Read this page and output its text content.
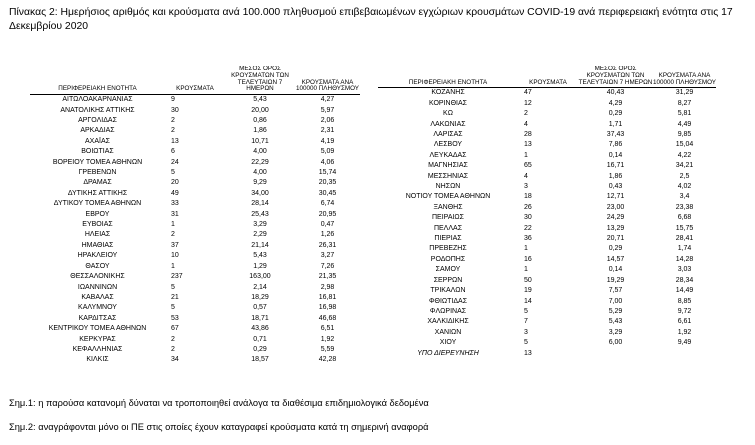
Πίνακας 2: Ημερήσιος αριθμός και κρούσματα ανά 100.000 πληθυσμού επιβεβαιωμένων εγχώριων κρουσμάτων COVID-19 ανά περιφερειακή ενότητα στις 17 Δεκεμβρίου 2020
ΠΕΡΙΦΕΡΕΙΑΚΗ ΕΝΟΤΗΤΑ	ΚΡΟΥΣΜΑΤΑ	ΜΕΣΟΣ ΟΡΟΣ ΚΡΟΥΣΜΑΤΩΝ ΤΩΝ ΤΕΛΕΥΤΑΙΩΝ 7 ΗΜΕΡΩΝ	ΚΡΟΥΣΜΑΤΑ ΑΝΑ 100000 ΠΛΗΘΥΣΜΟΥ
ΑΙΤΩΛΟΑΚΑΡΝΑΝΙΑΣ	9	5,43	4,27
ΑΝΑΤΟΛΙΚΗΣ ΑΤΤΙΚΗΣ	30	20,00	5,97
ΑΡΓΟΛΙΔΑΣ	2	0,86	2,06
ΑΡΚΑΔΙΑΣ	2	1,86	2,31
ΑΧΑΪΑΣ	13	10,71	4,19
ΒΟΙΩΤΙΑΣ	6	4,00	5,09
ΒΟΡΕΙΟΥ ΤΟΜΕΑ ΑΘΗΝΩΝ	24	22,29	4,06
ΓΡΕΒΕΝΩΝ	5	4,00	15,74
ΔΡΑΜΑΣ	20	9,29	20,35
ΔΥΤΙΚΗΣ ΑΤΤΙΚΗΣ	49	34,00	30,45
ΔΥΤΙΚΟΥ ΤΟΜΕΑ ΑΘΗΝΩΝ	33	28,14	6,74
ΕΒΡΟΥ	31	25,43	20,95
ΕΥΒΟΙΑΣ	1	3,29	0,47
ΗΛΕΙΑΣ	2	2,29	1,26
ΗΜΑΘΙΑΣ	37	21,14	26,31
ΗΡΑΚΛΕΙΟΥ	10	5,43	3,27
ΘΑΣΟΥ	1	1,29	7,26
ΘΕΣΣΑΛΟΝΙΚΗΣ	237	163,00	21,35
ΙΩΑΝΝΙΝΩΝ	5	2,14	2,98
ΚΑΒΑΛΑΣ	21	18,29	16,81
ΚΑΛΥΜΝΟΥ	5	0,57	16,98
ΚΑΡΔΙΤΣΑΣ	53	18,71	46,68
ΚΕΝΤΡΙΚΟΥ ΤΟΜΕΑ ΑΘΗΝΩΝ	67	43,86	6,51
ΚΕΡΚΥΡΑΣ	2	0,71	1,92
ΚΕΦΑΛΛΗΝΙΑΣ	2	0,29	5,59
ΚΙΛΚΙΣ	34	18,57	42,28
ΠΕΡΙΦΕΡΕΙΑΚΗ ΕΝΟΤΗΤΑ	ΚΡΟΥΣΜΑΤΑ	ΜΕΣΟΣ ΟΡΟΣ ΚΡΟΥΣΜΑΤΩΝ ΤΩΝ ΤΕΛΕΥΤΑΙΩΝ 7 ΗΜΕΡΩΝ	ΚΡΟΥΣΜΑΤΑ ΑΝΑ 100000 ΠΛΗΘΥΣΜΟΥ
ΚΟΖΑΝΗΣ	47	40,43	31,29
ΚΟΡΙΝΘΙΑΣ	12	4,29	8,27
ΚΩ	2	0,29	5,81
ΛΑΚΩΝΙΑΣ	4	1,71	4,49
ΛΑΡΙΣΑΣ	28	37,43	9,85
ΛΕΣΒΟΥ	13	7,86	15,04
ΛΕΥΚΑΔΑΣ	1	0,14	4,22
ΜΑΓΝΗΣΙΑΣ	65	16,71	34,21
ΜΕΣΣΗΝΙΑΣ	4	1,86	2,5
ΝΗΣΩΝ	3	0,43	4,02
ΝΟΤΙΟΥ ΤΟΜΕΑ ΑΘΗΝΩΝ	18	12,71	3,4
ΞΑΝΘΗΣ	26	23,00	23,38
ΠΕΙΡΑΙΩΣ	30	24,29	6,68
ΠΕΛΛΑΣ	22	13,29	15,75
ΠΙΕΡΙΑΣ	36	20,71	28,41
ΠΡΕΒΕΖΗΣ	1	0,29	1,74
ΡΟΔΟΠΗΣ	16	14,57	14,28
ΣΑΜΟΥ	1	0,14	3,03
ΣΕΡΡΩΝ	50	19,29	28,34
ΤΡΙΚΑΛΩΝ	19	7,57	14,49
ΦΘΙΩΤΙΔΑΣ	14	7,00	8,85
ΦΛΩΡΙΝΑΣ	5	5,29	9,72
ΧΑΛΚΙΔΙΚΗΣ	7	5,43	6,61
ΧΑΝΙΩΝ	3	3,29	1,92
ΧΙΟΥ	5	6,00	9,49
ΥΠΟ ΔΙΕΡΕΥΝΗΣΗ	13		
Σημ.1: η παρούσα κατανομή δύναται να τροποποιηθεί ανάλογα τα διαθέσιμα επιδημιολογικά δεδομένα
Σημ.2: αναγράφονται μόνο οι ΠΕ στις οποίες έχουν καταγραφεί κρούσματα κατά τη σημερινή αναφορά
